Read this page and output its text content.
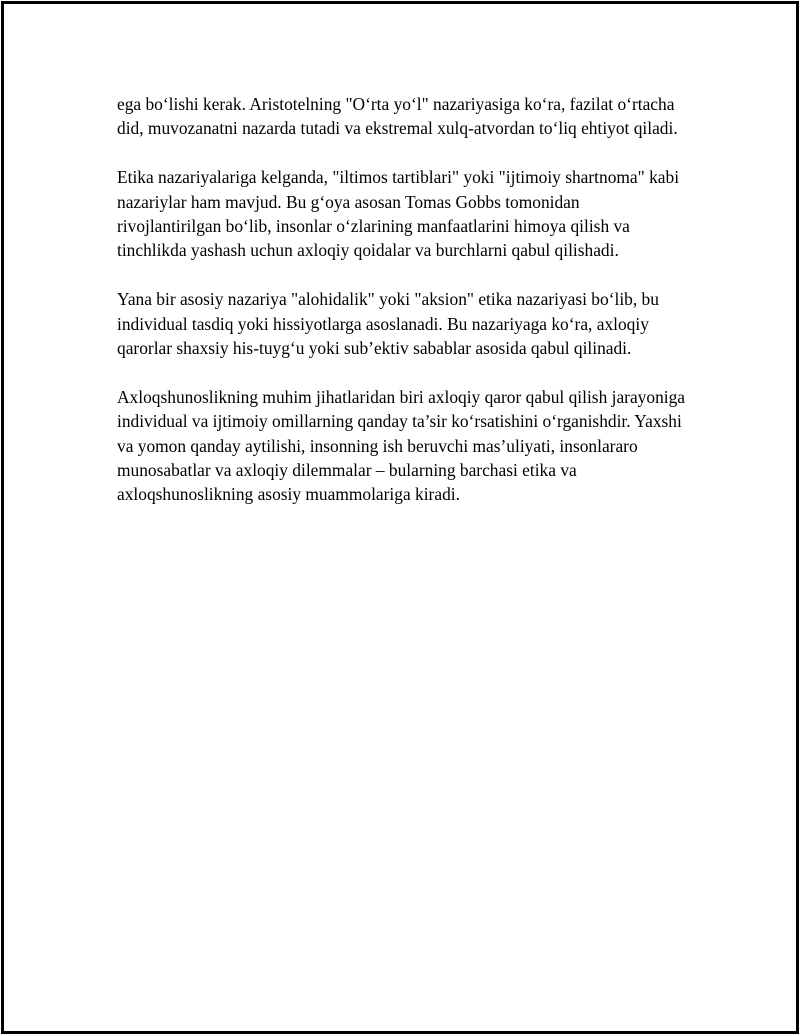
ega bo‘lishi kerak. Aristotelning "O‘rta yo‘l" nazariyasiga ko‘ra, fazilat o‘rtacha did, muvozanatni nazarda tutadi va ekstremal xulq-atvordan to‘liq ehtiyot qiladi.

Etika nazariyalariga kelganda, "iltimos tartiblari" yoki "ijtimoiy shartnoma" kabi nazariylar ham mavjud. Bu g‘oya asosan Tomas Gobbs tomonidan rivojlantirilgan bo‘lib, insonlar o‘zlarining manfaatlarini himoya qilish va tinchlikda yashash uchun axloqiy qoidalar va burchlarni qabul qilishadi.

Yana bir asosiy nazariya "alohidalik" yoki "aksion" etika nazariyasi bo‘lib, bu individual tasdiq yoki hissiyotlarga asoslanadi. Bu nazariyaga ko‘ra, axloqiy qarorlar shaxsiy his-tuyg‘u yoki sub’ektiv sabablar asosida qabul qilinadi.

Axloqshunoslikning muhim jihatlaridan biri axloqiy qaror qabul qilish jarayoniga individual va ijtimoiy omillarning qanday ta’sir ko‘rsatishini o‘rganishdir. Yaxshi va yomon qanday aytilishi, insonning ish beruvchi mas’uliyati, insonlararo munosabatlar va axloqiy dilemmalar – bularning barchasi etika va axloqshunoslikning asosiy muammolariga kiradi.
